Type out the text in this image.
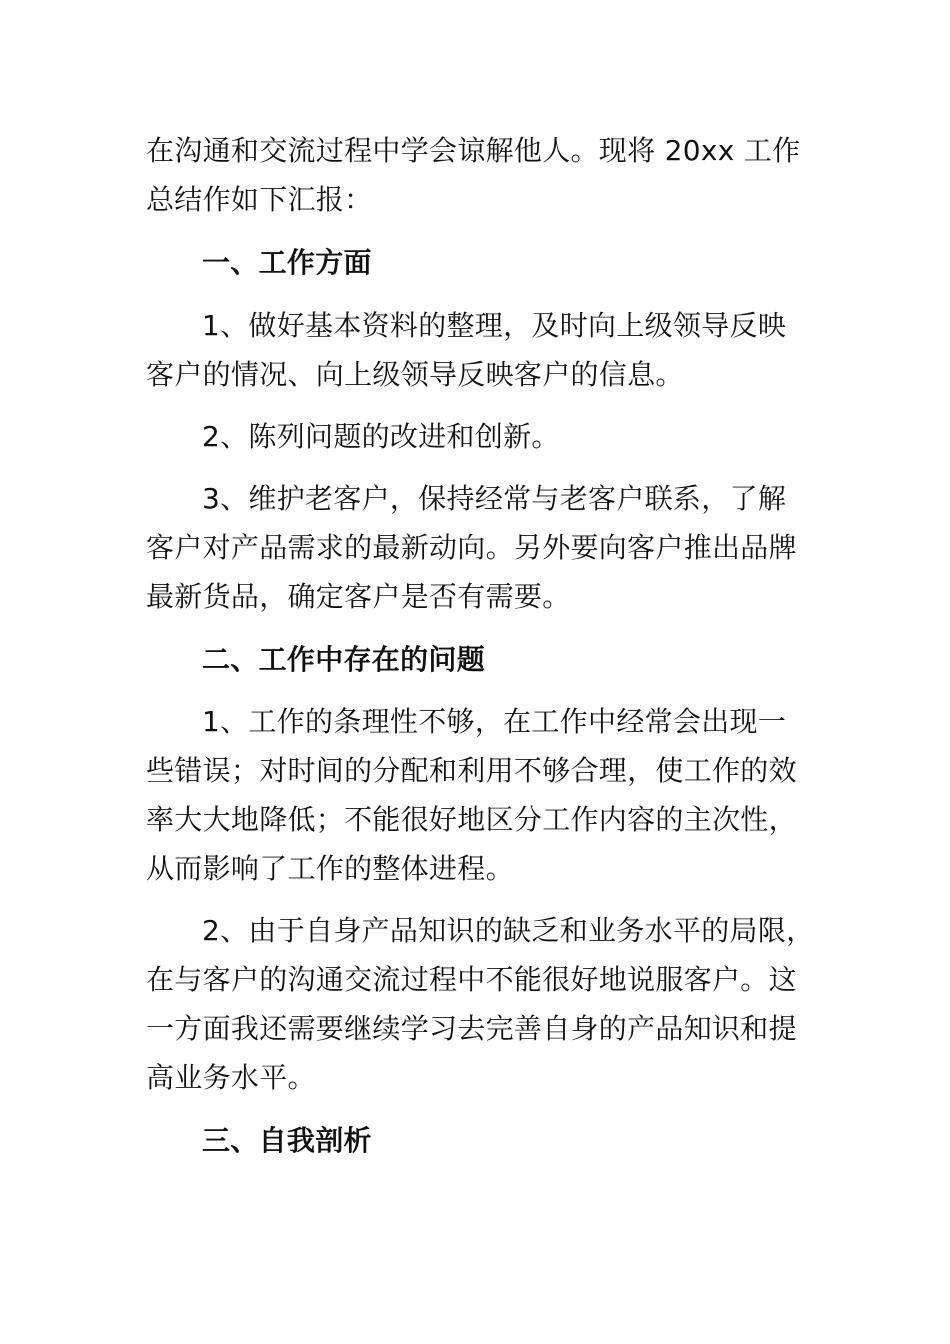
在沟通和交流过程中学会谅解他人。现将 20xx 工作
总结作如下汇报：
一、工作方面
1、做好基本资料的整理，及时向上级领导反映
客户的情况、向上级领导反映客户的信息。
2、陈列问题的改进和创新。
3、维护老客户，保持经常与老客户联系，了解
客户对产品需求的最新动向。另外要向客户推出品牌
最新货品，确定客户是否有需要。
二、工作中存在的问题
1、工作的条理性不够，在工作中经常会出现一
些错误；对时间的分配和利用不够合理，使工作的效
率大大地降低；不能很好地区分工作内容的主次性，
从而影响了工作的整体进程。
2、由于自身产品知识的缺乏和业务水平的局限，
在与客户的沟通交流过程中不能很好地说服客户。这
一方面我还需要继续学习去完善自身的产品知识和提
高业务水平。
三、自我剖析
